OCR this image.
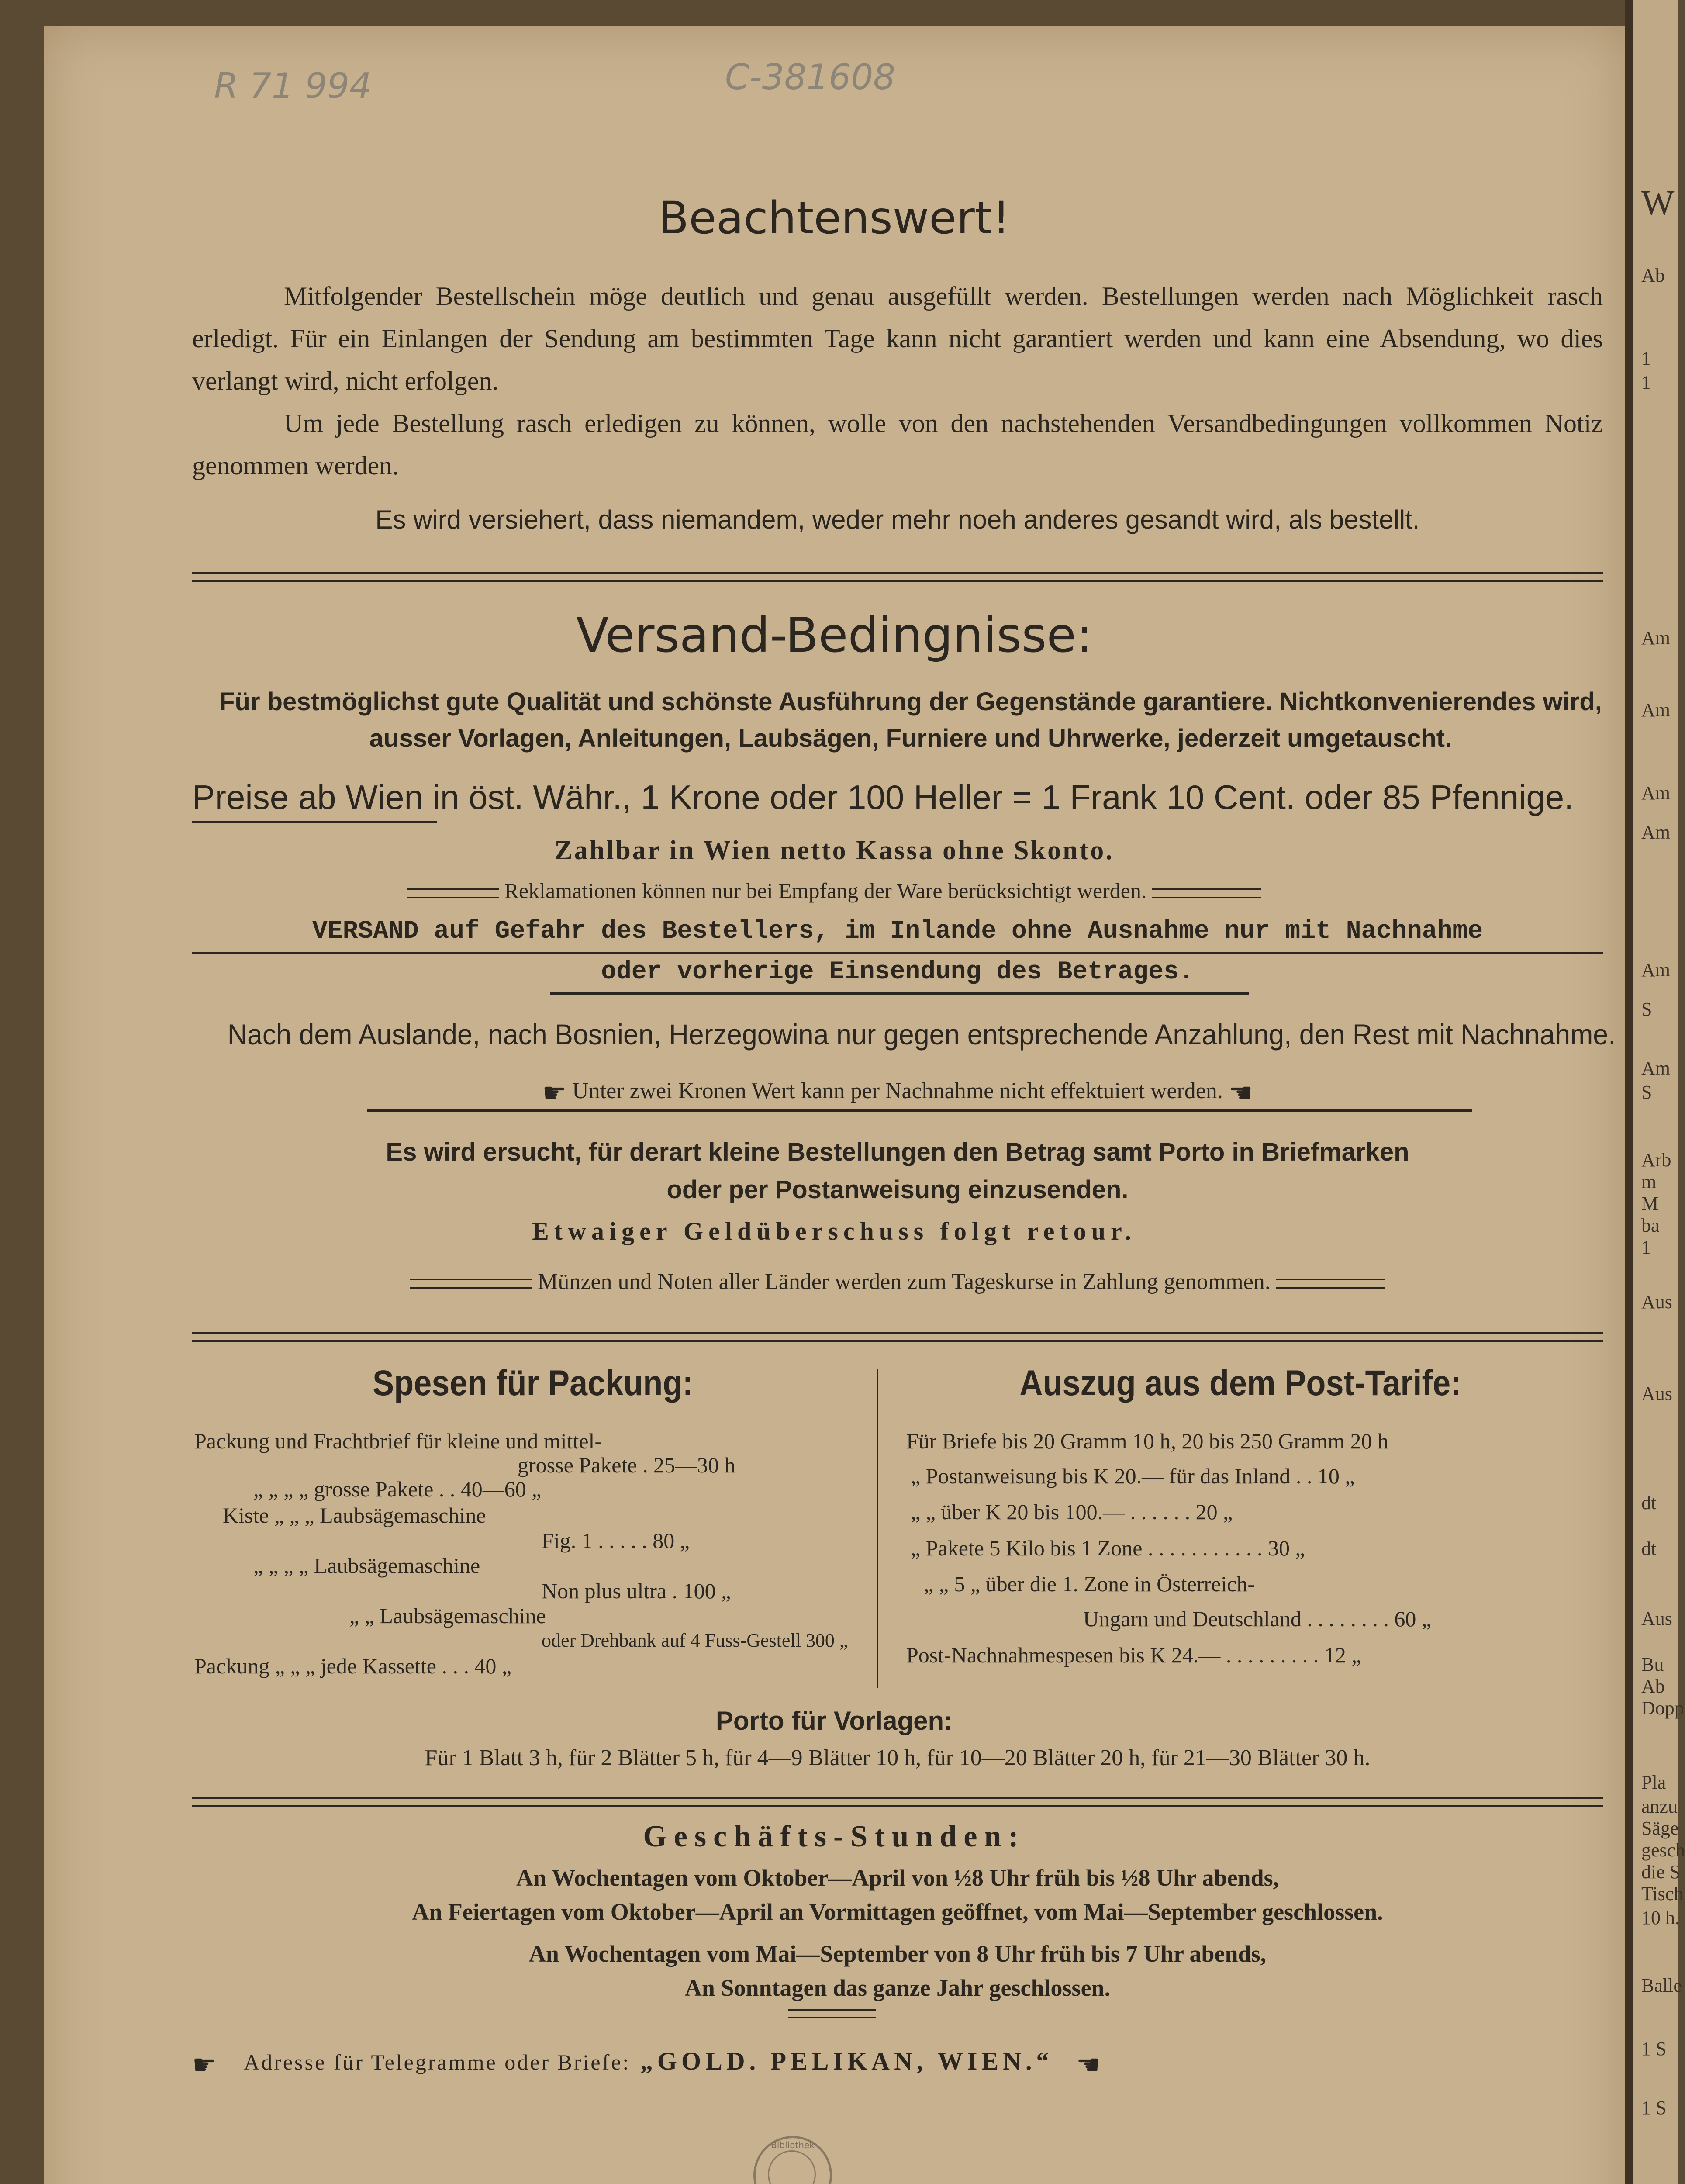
R 71 994	C-381608
Beachtenswert!

Mitfolgender Bestellschein möge deutlich und genau ausgefüllt werden. Bestellungen werden nach Möglichkeit rasch erledigt. Für ein Einlangen der Sendung am bestimmten Tage kann nicht garantiert werden und kann eine Absendung, wo dies verlangt wird, nicht erfolgen.

Um jede Bestellung rasch erledigen zu können, wolle von den nachstehenden Versandbedingungen vollkommen Notiz genommen werden.

Es wird versiehert, dass niemandem, weder mehr noeh anderes gesandt wird, als bestellt.
Versand-Bedingnisse:
Für bestmöglichst gute Qualität und schönste Ausführung der Gegenstände garantiere. Nichtkonvenierendes wird, ausser Vorlagen, Anleitungen, Laubsägen, Furniere und Uhrwerke, jederzeit umgetauscht.
Preise ab Wien in öst. Währ., 1 Krone oder 100 Heller = 1 Frank 10 Cent. oder 85 Pfennige.
Zahlbar in Wien netto Kassa ohne Skonto.
Reklamationen können nur bei Empfang der Ware berücksichtigt werden.
VERSAND auf Gefahr des Bestellers, im Inlande ohne Ausnahme nur mit Nachnahme
oder vorherige Einsendung des Betrages.
Nach dem Auslande, nach Bosnien, Herzegowina nur gegen entsprechende Anzahlung, den Rest mit Nachnahme.
☛ Unter zwei Kronen Wert kann per Nachnahme nicht effektuiert werden. ☚
Es wird ersucht, für derart kleine Bestellungen den Betrag samt Porto in Briefmarken
oder per Postanweisung einzusenden.
Etwaiger Geldüberschuss folgt retour.
Münzen und Noten aller Länder werden zum Tageskurse in Zahlung genommen.
Spesen für Packung:
Packung und Frachtbrief für kleine und mittel-
grosse Pakete . 25—30 h
„ „ „ „ grosse Pakete . . 40—60 „
Kiste „ „ „ Laubsägemaschine
Fig. 1 . . . . . 80 „
„ „ „ „ Laubsägemaschine
Non plus ultra . 100 „
„ „ Laubsägemaschine
oder Drehbank auf 4 Fuss-Gestell 300 „
Packung „ „ „ jede Kassette . . . 40 „
Auszug aus dem Post-Tarife:
Für Briefe bis 20 Gramm 10 h, 20 bis 250 Gramm 20 h
„ Postanweisung bis K 20.— für das Inland . . 10 „
„ „ über K 20 bis 100.— . . . . . . 20 „
„ Pakete 5 Kilo bis 1 Zone . . . . . . . . . . . 30 „
„ „ 5 „ über die 1. Zone in Österreich-
Ungarn und Deutschland . . . . . . . . 60 „
Post-Nachnahmespesen bis K 24.— . . . . . . . . . 12 „
Porto für Vorlagen:
Für 1 Blatt 3 h, für 2 Blätter 5 h, für 4—9 Blätter 10 h, für 10—20 Blätter 20 h, für 21—30 Blätter 30 h.
Geschäfts-Stunden:
An Wochentagen vom Oktober—April von ½8 Uhr früh bis ½8 Uhr abends,
An Feiertagen vom Oktober—April an Vormittagen geöffnet, vom Mai—September geschlossen.
An Wochentagen vom Mai—September von 8 Uhr früh bis 7 Uhr abends,
An Sonntagen das ganze Jahr geschlossen.
☛ Adresse für Telegramme oder Briefe: „GOLD. PELIKAN, WIEN.“ ☚
Bibliothek
W
Ab
1
1
Am
Am
Am
Am
Am
S
Am
S
Arb
m
M
ba
1
Aus
Aus
dt
dt
Aus
Bu
Ab
Dopp
Pla
anzu
Säge
gesch
die S
Tisch
10 h.
Balle
1 S
1 S
